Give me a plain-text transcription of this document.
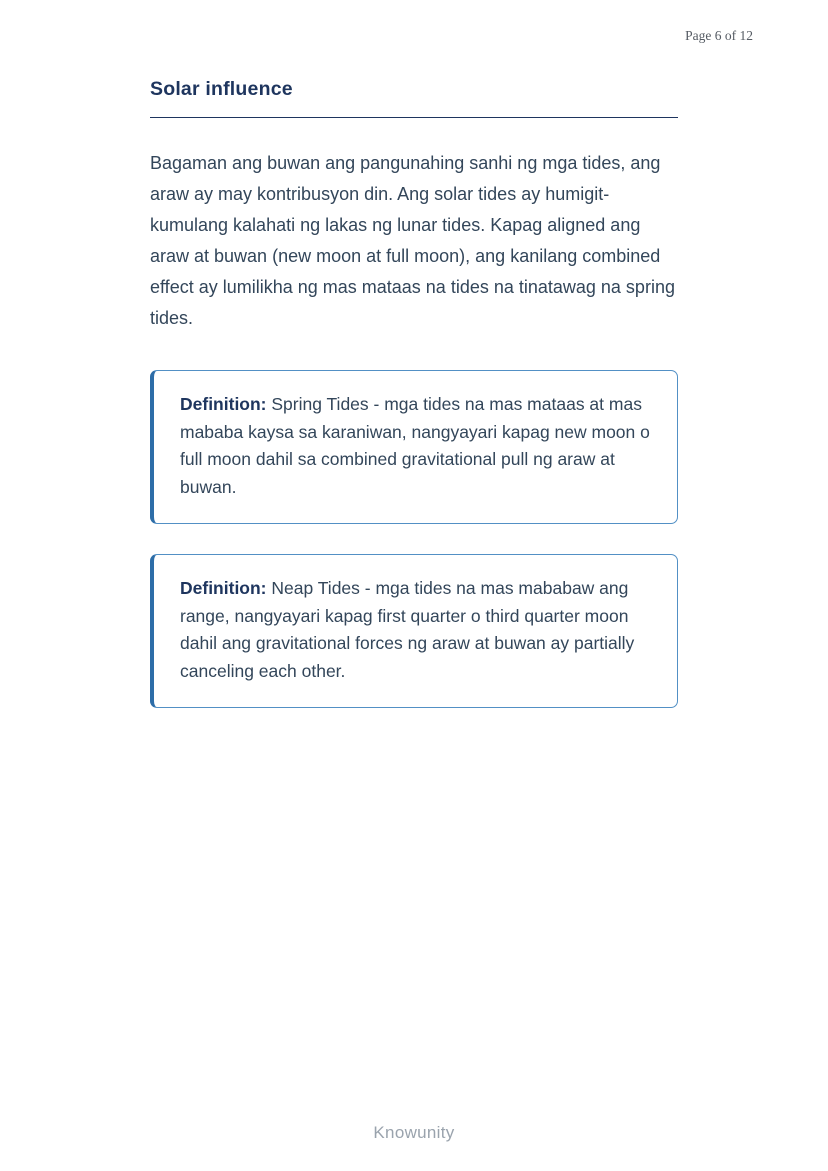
Page 6 of 12
Solar influence

Bagaman ang buwan ang pangunahing sanhi ng mga tides, ang araw ay may kontribusyon din. Ang solar tides ay humigit-kumulang kalahati ng lakas ng lunar tides. Kapag aligned ang araw at buwan (new moon at full moon), ang kanilang combined effect ay lumilikha ng mas mataas na tides na tinatawag na spring tides.

Definition: Spring Tides - mga tides na mas mataas at mas mababa kaysa sa karaniwan, nangyayari kapag new moon o full moon dahil sa combined gravitational pull ng araw at buwan.

Definition: Neap Tides - mga tides na mas mababaw ang range, nangyayari kapag first quarter o third quarter moon dahil ang gravitational forces ng araw at buwan ay partially canceling each other.

Knowunity
